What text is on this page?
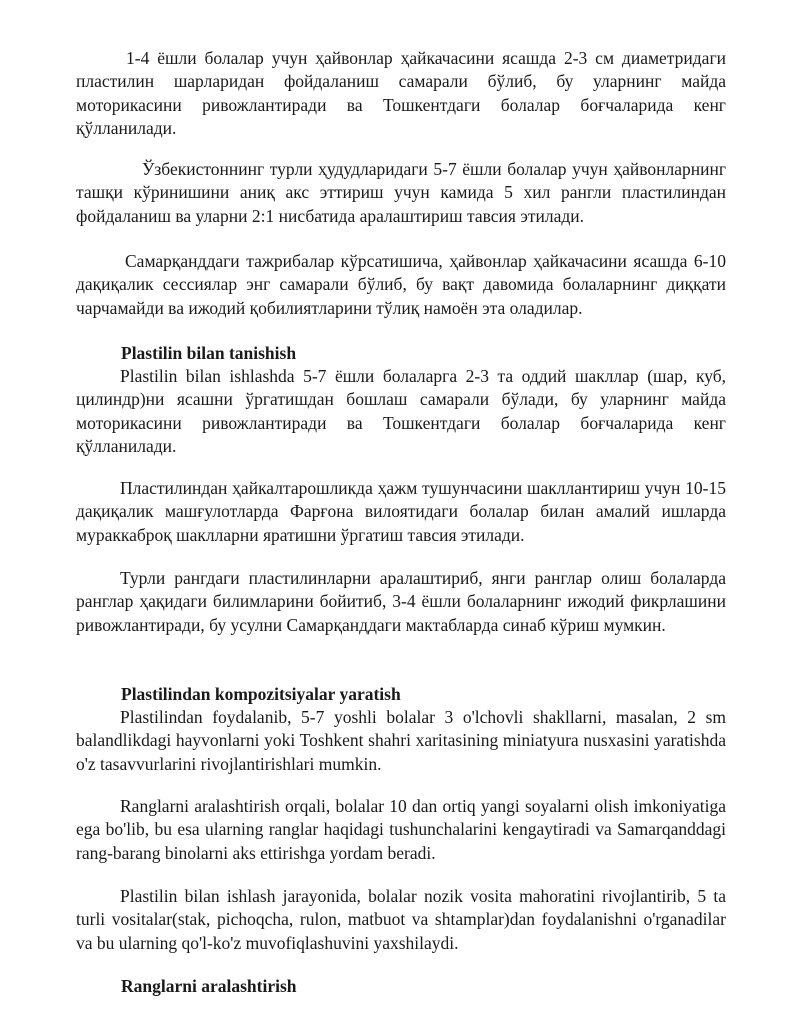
1-4 ёшли болалар учун ҳайвонлар ҳайкачасини ясашда 2-3 см диаметридаги пластилин шарларидан фойдаланиш самарали бўлиб, бу уларнинг майда моторикасини ривожлантиради ва Тошкентдаги болалар боғчаларида кенг қўлланилади.

Ўзбекистоннинг турли ҳудудларидаги 5-7 ёшли болалар учун ҳайвонларнинг ташқи кўринишини аниқ акс эттириш учун камида 5 хил рангли пластилиндан фойдаланиш ва уларни 2:1 нисбатида аралаштириш тавсия этилади.

Самарқанддаги тажрибалар кўрсатишича, ҳайвонлар ҳайкачасини ясашда 6-10 дақиқалик сессиялар энг самарали бўлиб, бу вақт давомида болаларнинг диққати чарчамайди ва ижодий қобилиятларини тўлиқ намоён эта оладилар.

Plastilin bilan tanishish

Plastilin bilan ishlashda 5-7 ёшли болаларга 2-3 та оддий шакллар (шар, куб, цилиндр)ни ясашни ўргатишдан бошлаш самарали бўлади, бу уларнинг майда моторикасини ривожлантиради ва Тошкентдаги болалар боғчаларида кенг қўлланилади.

Пластилиндан ҳайкалтарошликда ҳажм тушунчасини шакллантириш учун 10-15 дақиқалик машғулотларда Фарғона вилоятидаги болалар билан амалий ишларда мураккаброқ шаклларни яратишни ўргатиш тавсия этилади.

Турли рангдаги пластилинларни аралаштириб, янги ранглар олиш болаларда ранглар ҳақидаги билимларини бойитиб, 3-4 ёшли болаларнинг ижодий фикрлашини ривожлантиради, бу усулни Самарқанддаги мактабларда синаб кўриш мумкин.

Plastilindan kompozitsiyalar yaratish

Plastilindan foydalanib, 5-7 yoshli bolalar 3 o'lchovli shakllarni, masalan, 2 sm balandlikdagi hayvonlarni yoki Toshkent shahri xaritasining miniatyura nusxasini yaratishda o'z tasavvurlarini rivojlantirishlari mumkin.

Ranglarni aralashtirish orqali, bolalar 10 dan ortiq yangi soyalarni olish imkoniyatiga ega bo'lib, bu esa ularning ranglar haqidagi tushunchalarini kengaytiradi va Samarqanddagi rang-barang binolarni aks ettirishga yordam beradi.

Plastilin bilan ishlash jarayonida, bolalar nozik vosita mahoratini rivojlantirib, 5 ta turli vositalar(stak, pichoqcha, rulon, matbuot va shtamplar)dan foydalanishni o'rganadilar va bu ularning qo'l-ko'z muvofiqlashuvini yaxshilaydi.

Ranglarni aralashtirish
